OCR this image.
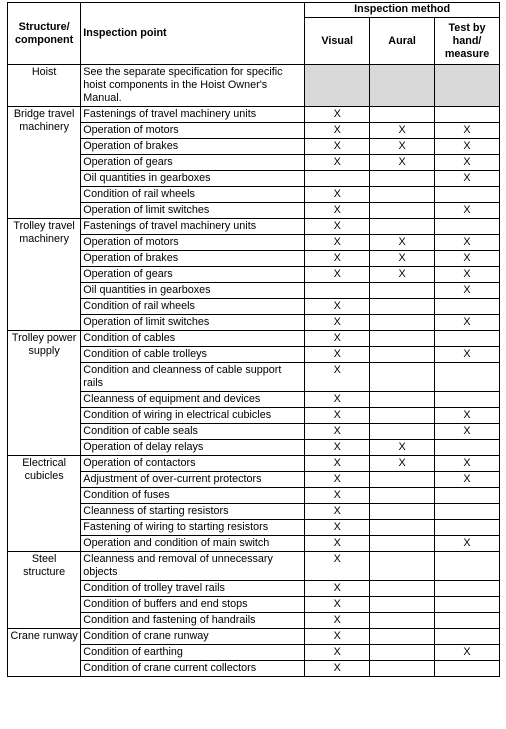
Structure/ component	Inspection point	Inspection method		
		Visual	Aural	Test by hand/ measure
Hoist	See the separate specification for specific hoist components in the Hoist Owner's Manual.			
Bridge travel machinery	Fastenings of travel machinery units	X		
	Operation of motors	X	X	X
	Operation of brakes	X	X	X
	Operation of gears	X	X	X
	Oil quantities in gearboxes			X
	Condition of rail wheels	X		
	Operation of limit switches	X		X
Trolley travel machinery	Fastenings of travel machinery units	X		
	Operation of motors	X	X	X
	Operation of brakes	X	X	X
	Operation of gears	X	X	X
	Oil quantities in gearboxes			X
	Condition of rail wheels	X		
	Operation of limit switches	X		X
Trolley power supply	Condition of cables	X		
	Condition of cable trolleys	X		X
	Condition and cleanness of cable support rails	X		
	Cleanness of equipment and devices	X		
	Condition of wiring in electrical cubicles	X		X
	Condition of cable seals	X		X
	Operation of delay relays	X	X	
Electrical cubicles	Operation of contactors	X	X	X
	Adjustment of over-current protectors	X		X
	Condition of fuses	X		
	Cleanness of starting resistors	X		
	Fastening of wiring to starting resistors	X		
	Operation and condition of main switch	X		X
Steel structure	Cleanness and removal of unnecessary objects	X		
	Condition of trolley travel rails	X		
	Condition of buffers and end stops	X		
	Condition and fastening of handrails	X		
Crane runway	Condition of crane runway	X		
	Condition of earthing	X		X
	Condition of crane current collectors	X		
